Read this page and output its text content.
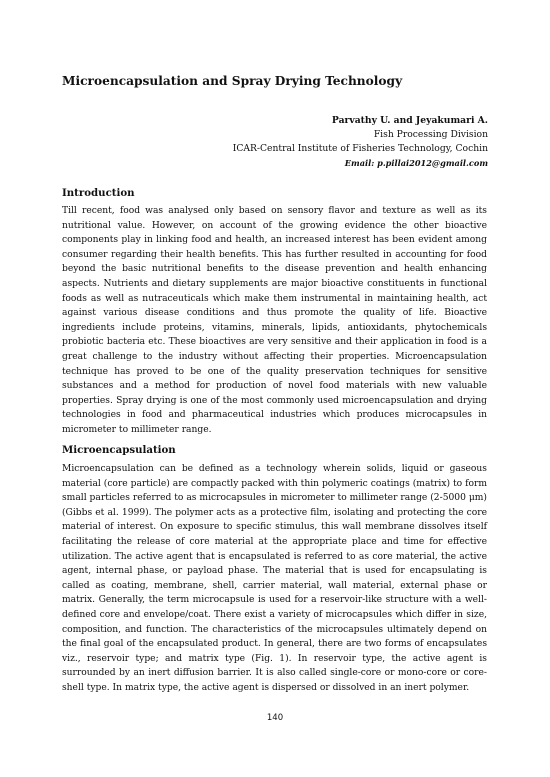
Microencapsulation and Spray Drying Technology
Parvathy U. and Jeyakumari A.
Fish Processing Division
ICAR-Central Institute of Fisheries Technology, Cochin
Email: p.pillai2012@gmail.com
Introduction

Till recent, food was analysed only based on sensory flavor and texture as well as its nutritional value. However, on account of the growing evidence the other bioactive components play in linking food and health, an increased interest has been evident among consumer regarding their health benefits. This has further resulted in accounting for food beyond the basic nutritional benefits to the disease prevention and health enhancing aspects. Nutrients and dietary supplements are major bioactive constituents in functional foods as well as nutraceuticals which make them instrumental in maintaining health, act against various disease conditions and thus promote the quality of life. Bioactive ingredients include proteins, vitamins, minerals, lipids, antioxidants, phytochemicals probiotic bacteria etc. These bioactives are very sensitive and their application in food is a great challenge to the industry without affecting their properties. Microencapsulation technique has proved to be one of the quality preservation techniques for sensitive substances and a method for production of novel food materials with new valuable properties. Spray drying is one of the most commonly used microencapsulation and drying technologies in food and pharmaceutical industries which produces microcapsules in micrometer to millimeter range.

Microencapsulation

Microencapsulation can be defined as a technology wherein solids, liquid or gaseous material (core particle) are compactly packed with thin polymeric coatings (matrix) to form small particles referred to as microcapsules in micrometer to millimeter range (2-5000 μm) (Gibbs et al. 1999). The polymer acts as a protective film, isolating and protecting the core material of interest. On exposure to specific stimulus, this wall membrane dissolves itself facilitating the release of core material at the appropriate place and time for effective utilization. The active agent that is encapsulated is referred to as core material, the active agent, internal phase, or payload phase. The material that is used for encapsulating is called as coating, membrane, shell, carrier material, wall material, external phase or matrix. Generally, the term microcapsule is used for a reservoir-like structure with a well-defined core and envelope/coat. There exist a variety of microcapsules which differ in size, composition, and function. The characteristics of the microcapsules ultimately depend on the final goal of the encapsulated product. In general, there are two forms of encapsulates viz., reservoir type; and matrix type (Fig. 1). In reservoir type, the active agent is surrounded by an inert diffusion barrier. It is also called single-core or mono-core or core-shell type. In matrix type, the active agent is dispersed or dissolved in an inert polymer.

140
